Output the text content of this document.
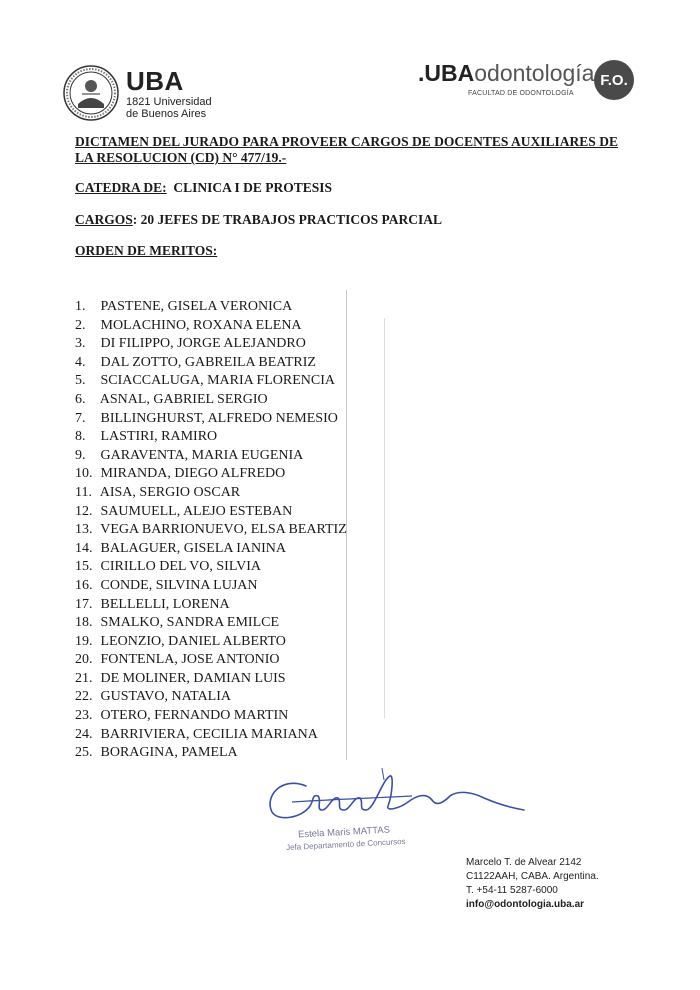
UBA
1821 Universidad
de Buenos Aires
.UBAodontología
FACULTAD DE ODONTOLOGÍA
F.O.
DICTAMEN DEL JURADO PARA PROVEER CARGOS DE DOCENTES AUXILIARES DE LA RESOLUCION (CD) N° 477/19.-
CATEDRA DE: CLINICA I DE PROTESIS
CARGOS: 20 JEFES DE TRABAJOS PRACTICOS PARCIAL
ORDEN DE MERITOS:
1. PASTENE, GISELA VERONICA
2. MOLACHINO, ROXANA ELENA
3. DI FILIPPO, JORGE ALEJANDRO
4. DAL ZOTTO, GABREILA BEATRIZ
5. SCIACCALUGA, MARIA FLORENCIA
6. ASNAL, GABRIEL SERGIO
7. BILLINGHURST, ALFREDO NEMESIO
8. LASTIRI, RAMIRO
9. GARAVENTA, MARIA EUGENIA
10. MIRANDA, DIEGO ALFREDO
11. AISA, SERGIO OSCAR
12. SAUMUELL, ALEJO ESTEBAN
13. VEGA BARRIONUEVO, ELSA BEARTIZ
14. BALAGUER, GISELA IANINA
15. CIRILLO DEL VO, SILVIA
16. CONDE, SILVINA LUJAN
17. BELLELLI, LORENA
18. SMALKO, SANDRA EMILCE
19. LEONZIO, DANIEL ALBERTO
20. FONTENLA, JOSE ANTONIO
21. DE MOLINER, DAMIAN LUIS
22. GUSTAVO, NATALIA
23. OTERO, FERNANDO MARTIN
24. BARRIVIERA, CECILIA MARIANA
25. BORAGINA, PAMELA
Estela Maris MATTAS
Jefa Departamento de Concursos
Marcelo T. de Alvear 2142
C1122AAH, CABA. Argentina.
T. +54-11 5287-6000
info@odontologia.uba.ar
